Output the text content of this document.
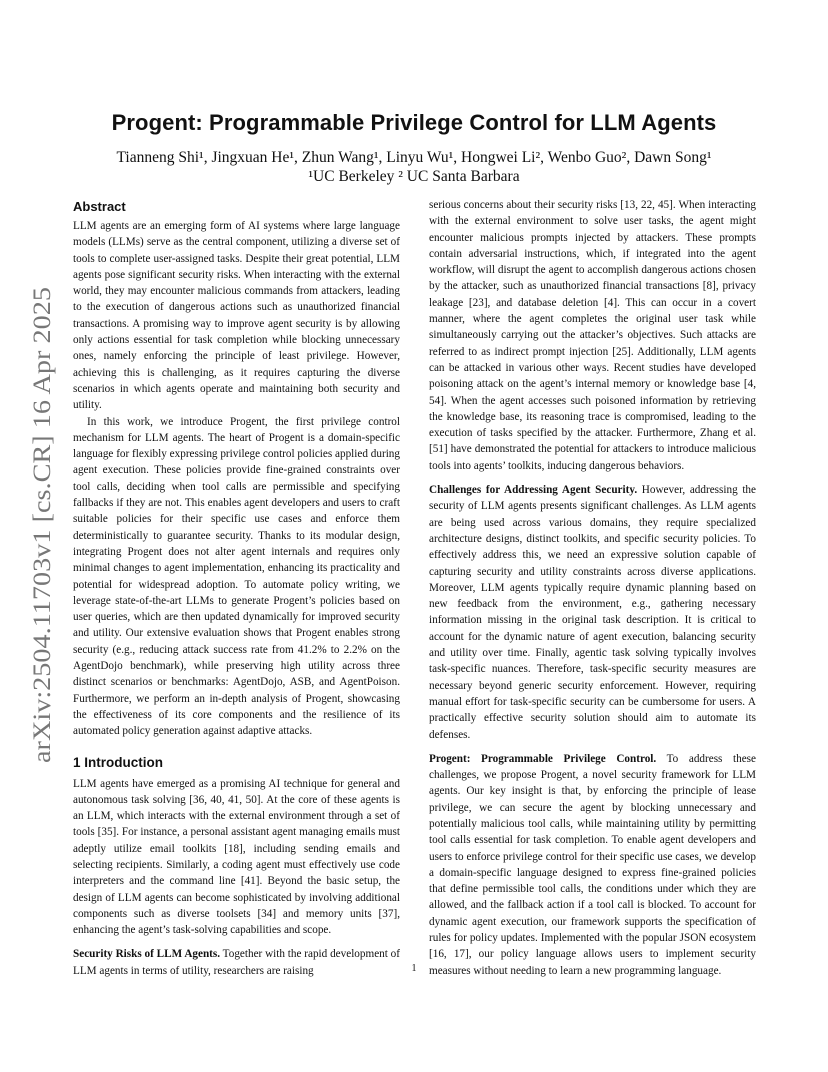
arXiv:2504.11703v1 [cs.CR] 16 Apr 2025
Progent: Programmable Privilege Control for LLM Agents
Tianneng Shi¹, Jingxuan He¹, Zhun Wang¹, Linyu Wu¹, Hongwei Li², Wenbo Guo², Dawn Song¹
¹UC Berkeley ² UC Santa Barbara
Abstract

LLM agents are an emerging form of AI systems where large language models (LLMs) serve as the central component, utilizing a diverse set of tools to complete user-assigned tasks. Despite their great potential, LLM agents pose significant security risks. When interacting with the external world, they may encounter malicious commands from attackers, leading to the execution of dangerous actions such as unauthorized financial transactions. A promising way to improve agent security is by allowing only actions essential for task completion while blocking unnecessary ones, namely enforcing the principle of least privilege. However, achieving this is challenging, as it requires capturing the diverse scenarios in which agents operate and maintaining both security and utility.

In this work, we introduce Progent, the first privilege control mechanism for LLM agents. The heart of Progent is a domain-specific language for flexibly expressing privilege control policies applied during agent execution. These policies provide fine-grained constraints over tool calls, deciding when tool calls are permissible and specifying fallbacks if they are not. This enables agent developers and users to craft suitable policies for their specific use cases and enforce them deterministically to guarantee security. Thanks to its modular design, integrating Progent does not alter agent internals and requires only minimal changes to agent implementation, enhancing its practicality and potential for widespread adoption. To automate policy writing, we leverage state-of-the-art LLMs to generate Progent’s policies based on user queries, which are then updated dynamically for improved security and utility. Our extensive evaluation shows that Progent enables strong security (e.g., reducing attack success rate from 41.2% to 2.2% on the AgentDojo benchmark), while preserving high utility across three distinct scenarios or benchmarks: AgentDojo, ASB, and AgentPoison. Furthermore, we perform an in-depth analysis of Progent, showcasing the effectiveness of its core components and the resilience of its automated policy generation against adaptive attacks.

1 Introduction

LLM agents have emerged as a promising AI technique for general and autonomous task solving [36, 40, 41, 50]. At the core of these agents is an LLM, which interacts with the external environment through a set of tools [35]. For instance, a personal assistant agent managing emails must adeptly utilize email toolkits [18], including sending emails and selecting recipients. Similarly, a coding agent must effectively use code interpreters and the command line [41]. Beyond the basic setup, the design of LLM agents can become sophisticated by involving additional components such as diverse toolsets [34] and memory units [37], enhancing the agent’s task-solving capabilities and scope.

Security Risks of LLM Agents. Together with the rapid development of LLM agents in terms of utility, researchers are raising

serious concerns about their security risks [13, 22, 45]. When interacting with the external environment to solve user tasks, the agent might encounter malicious prompts injected by attackers. These prompts contain adversarial instructions, which, if integrated into the agent workflow, will disrupt the agent to accomplish dangerous actions chosen by the attacker, such as unauthorized financial transactions [8], privacy leakage [23], and database deletion [4]. This can occur in a covert manner, where the agent completes the original user task while simultaneously carrying out the attacker’s objectives. Such attacks are referred to as indirect prompt injection [25]. Additionally, LLM agents can be attacked in various other ways. Recent studies have developed poisoning attack on the agent’s internal memory or knowledge base [4, 54]. When the agent accesses such poisoned information by retrieving the knowledge base, its reasoning trace is compromised, leading to the execution of tasks specified by the attacker. Furthermore, Zhang et al. [51] have demonstrated the potential for attackers to introduce malicious tools into agents’ toolkits, inducing dangerous behaviors.

Challenges for Addressing Agent Security. However, addressing the security of LLM agents presents significant challenges. As LLM agents are being used across various domains, they require specialized architecture designs, distinct toolkits, and specific security policies. To effectively address this, we need an expressive solution capable of capturing security and utility constraints across diverse applications. Moreover, LLM agents typically require dynamic planning based on new feedback from the environment, e.g., gathering necessary information missing in the original task description. It is critical to account for the dynamic nature of agent execution, balancing security and utility over time. Finally, agentic task solving typically involves task-specific nuances. Therefore, task-specific security measures are necessary beyond generic security enforcement. However, requiring manual effort for task-specific security can be cumbersome for users. A practically effective security solution should aim to automate its defenses.

Progent: Programmable Privilege Control. To address these challenges, we propose Progent, a novel security framework for LLM agents. Our key insight is that, by enforcing the principle of lease privilege, we can secure the agent by blocking unnecessary and potentially malicious tool calls, while maintaining utility by permitting tool calls essential for task completion. To enable agent developers and users to enforce privilege control for their specific use cases, we develop a domain-specific language designed to express fine-grained policies that define permissible tool calls, the conditions under which they are allowed, and the fallback action if a tool call is blocked. To account for dynamic agent execution, our framework supports the specification of rules for policy updates. Implemented with the popular JSON ecosystem [16, 17], our policy language allows users to implement security measures without needing to learn a new programming language.

1
